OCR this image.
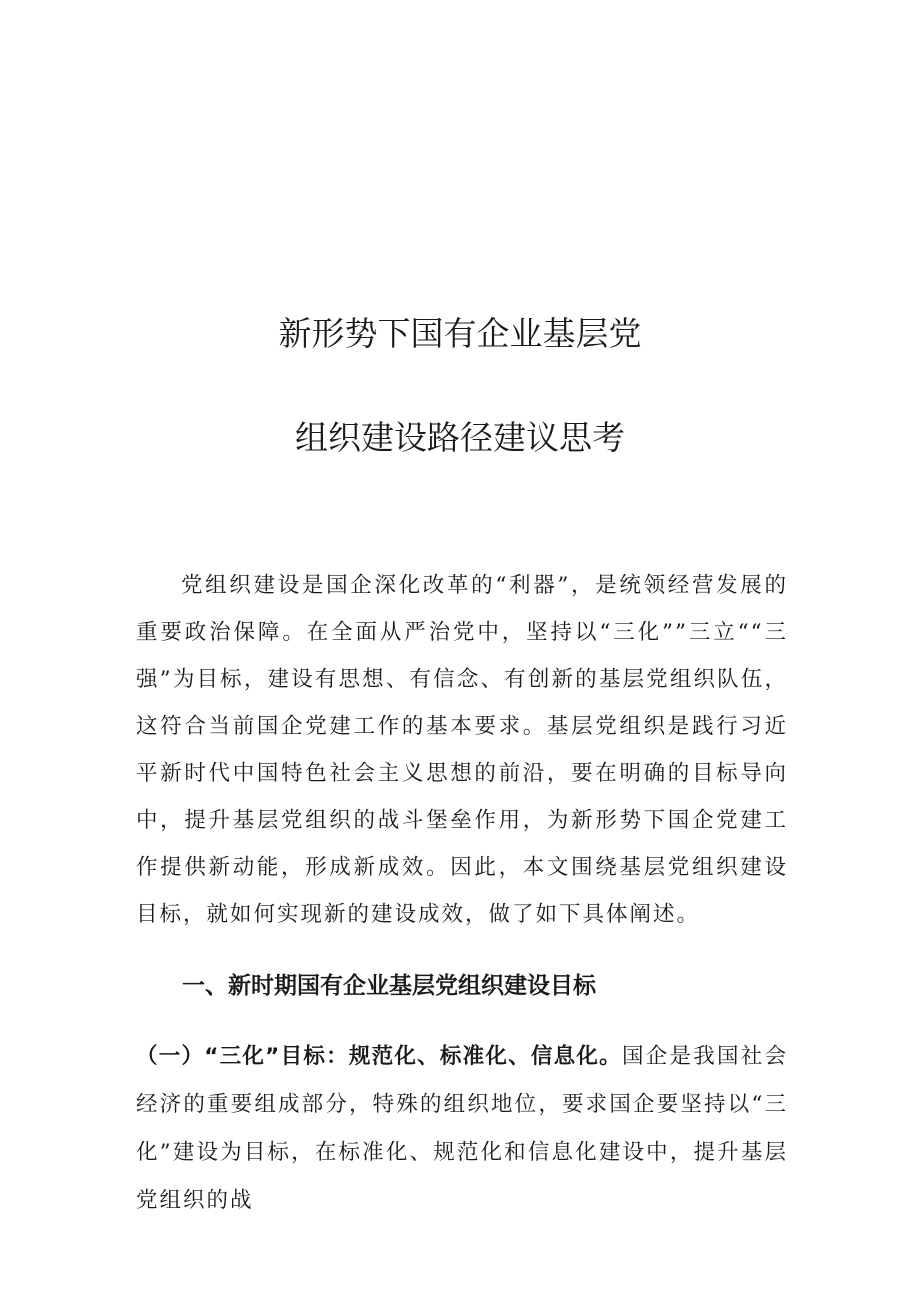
新形势下国有企业基层党
组织建设路径建议思考

党组织建设是国企深化改革的“利器”，是统领经营发展的重要政治保障。在全面从严治党中，坚持以“三化””三立““三强”为目标，建设有思想、有信念、有创新的基层党组织队伍，这符合当前国企党建工作的基本要求。基层党组织是践行习近平新时代中国特色社会主义思想的前沿，要在明确的目标导向中，提升基层党组织的战斗堡垒作用，为新形势下国企党建工作提供新动能，形成新成效。因此，本文围绕基层党组织建设目标，就如何实现新的建设成效，做了如下具体阐述。

一、新时期国有企业基层党组织建设目标

（一）“三化”目标：规范化、标准化、信息化。国企是我国社会经济的重要组成部分，特殊的组织地位，要求国企要坚持以“三化”建设为目标，在标准化、规范化和信息化建设中，提升基层党组织的战
